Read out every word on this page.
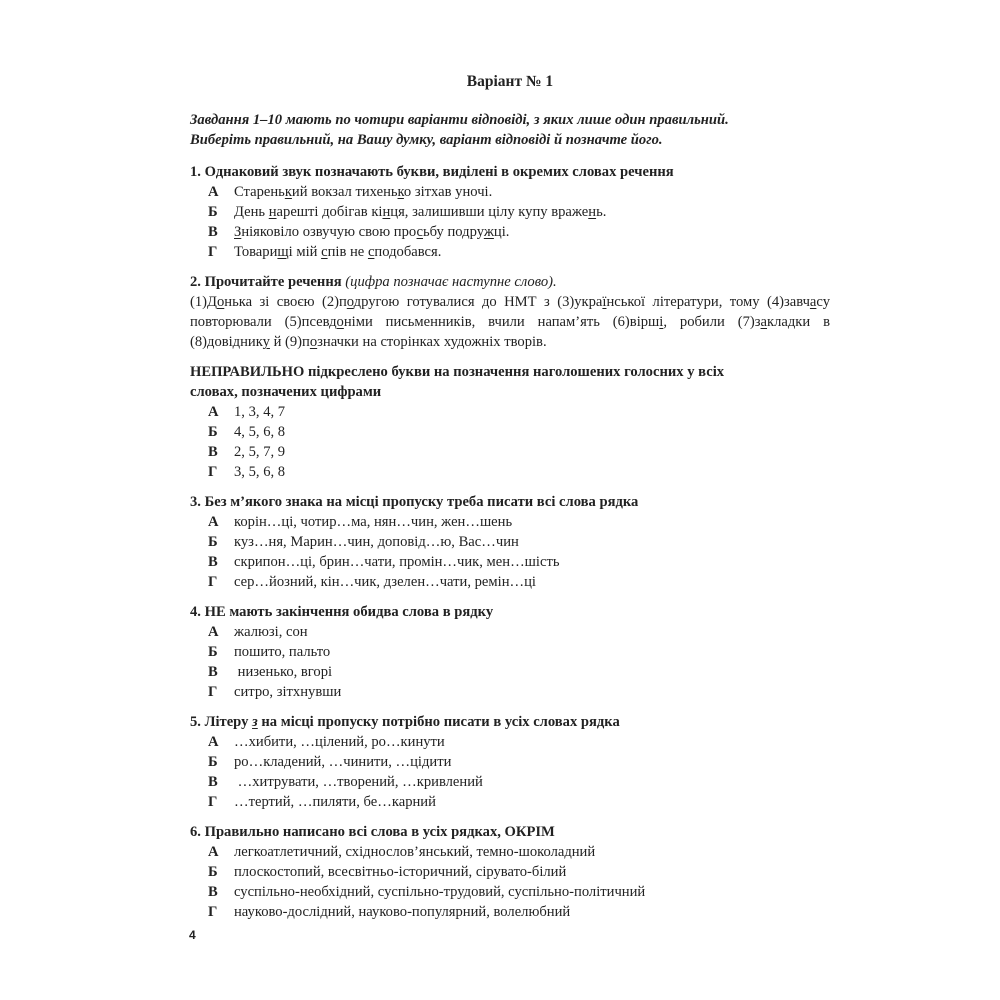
Варіант № 1
Завдання 1–10 мають по чотири варіанти відповіді, з яких лише один правильний.
Виберіть правильний, на Вашу думку, варіант відповіді й позначте його.
1. Однаковий звук позначають букви, виділені в окремих словах речення
А	Старенький вокзал тихенько зітхав уночі.
Б	День нарешті добігав кінця, залишивши цілу купу вражень.
В	Зніяковіло озвучую свою просьбу подружці.
Г	Товарищі мій спів не сподобався.
2. Прочитайте речення (цифра позначає наступне слово).
(1)Донька зі своєю (2)подругою готувалися до НМТ з (3)української літератури, тому (4)завчасу повторювали (5)псевдоніми письменників, вчили напам’ять (6)вірші, робили (7)закладки в (8)довіднику й (9)позначки на сторінках художніх творів.
НЕПРАВИЛЬНО підкреслено букви на позначення наголошених голосних у всіх
словах, позначених цифрами
А	1, 3, 4, 7
Б	4, 5, 6, 8
В	2, 5, 7, 9
Г	3, 5, 6, 8
3. Без м’якого знака на місці пропуску треба писати всі слова рядка
А	корін…ці, чотир…ма, нян…чин, жен…шень
Б	куз…ня, Марин…чин, доповід…ю, Вас…чин
В	скрипон…ці, брин…чати, промін…чик, мен…шість
Г	сер…йозний, кін…чик, дзелен…чати, ремін…ці
4. НЕ мають закінчення обидва слова в рядку
А	жалюзі, сон
Б	пошито, пальто
В	низенько, вгорі
Г	ситро, зітхнувши
5. Літеру з на місці пропуску потрібно писати в усіх словах рядка
А	…хибити, …цілений, ро…кинути
Б	ро…кладений, …чинити, …цідити
В	…хитрувати, …творений, …кривлений
Г	…тертий, …пиляти, бе…карний
6. Правильно написано всі слова в усіх рядках, ОКРІМ
А	легкоатлетичний, східнослов’янський, темно-шоколадний
Б	плоскостопий, всесвітньо-історичний, сірувато-білий
В	суспільно-необхідний, суспільно-трудовий, суспільно-політичний
Г	науково-дослідний, науково-популярний, волелюбний
4
